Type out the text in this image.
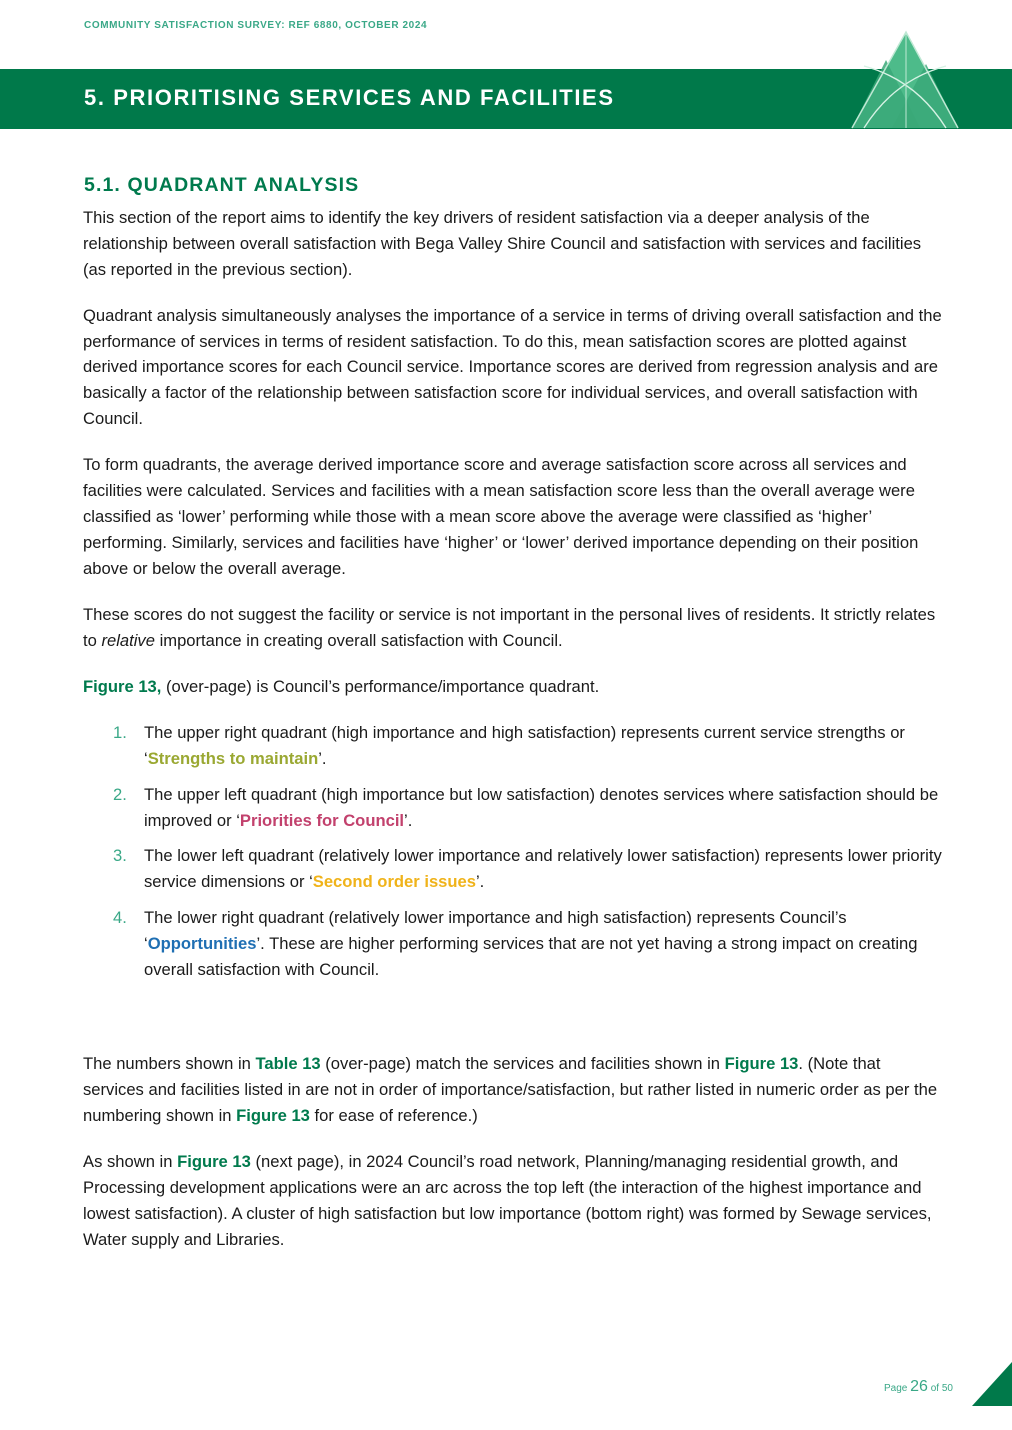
COMMUNITY SATISFACTION SURVEY: REF 6880, OCTOBER 2024
5. PRIORITISING SERVICES AND FACILITIES
5.1. QUADRANT ANALYSIS

This section of the report aims to identify the key drivers of resident satisfaction via a deeper analysis of the relationship between overall satisfaction with Bega Valley Shire Council and satisfaction with services and facilities (as reported in the previous section).

Quadrant analysis simultaneously analyses the importance of a service in terms of driving overall satisfaction and the performance of services in terms of resident satisfaction. To do this, mean satisfaction scores are plotted against derived importance scores for each Council service. Importance scores are derived from regression analysis and are basically a factor of the relationship between satisfaction score for individual services, and overall satisfaction with Council.

To form quadrants, the average derived importance score and average satisfaction score across all services and facilities were calculated. Services and facilities with a mean satisfaction score less than the overall average were classified as ‘lower’ performing while those with a mean score above the average were classified as ‘higher’ performing. Similarly, services and facilities have ‘higher’ or ‘lower’ derived importance depending on their position above or below the overall average.

These scores do not suggest the facility or service is not important in the personal lives of residents. It strictly relates to relative importance in creating overall satisfaction with Council.

Figure 13, (over-page) is Council’s performance/importance quadrant.

1. The upper right quadrant (high importance and high satisfaction) represents current service strengths or ‘Strengths to maintain’.
2. The upper left quadrant (high importance but low satisfaction) denotes services where satisfaction should be improved or ‘Priorities for Council’.
3. The lower left quadrant (relatively lower importance and relatively lower satisfaction) represents lower priority service dimensions or ‘Second order issues’.
4. The lower right quadrant (relatively lower importance and high satisfaction) represents Council’s ‘Opportunities’. These are higher performing services that are not yet having a strong impact on creating overall satisfaction with Council.

The numbers shown in Table 13 (over-page) match the services and facilities shown in Figure 13. (Note that services and facilities listed in are not in order of importance/satisfaction, but rather listed in numeric order as per the numbering shown in Figure 13 for ease of reference.)

As shown in Figure 13 (next page), in 2024 Council’s road network, Planning/managing residential growth, and Processing development applications were an arc across the top left (the interaction of the highest importance and lowest satisfaction). A cluster of high satisfaction but low importance (bottom right) was formed by Sewage services, Water supply and Libraries.

Page 26 of 50
